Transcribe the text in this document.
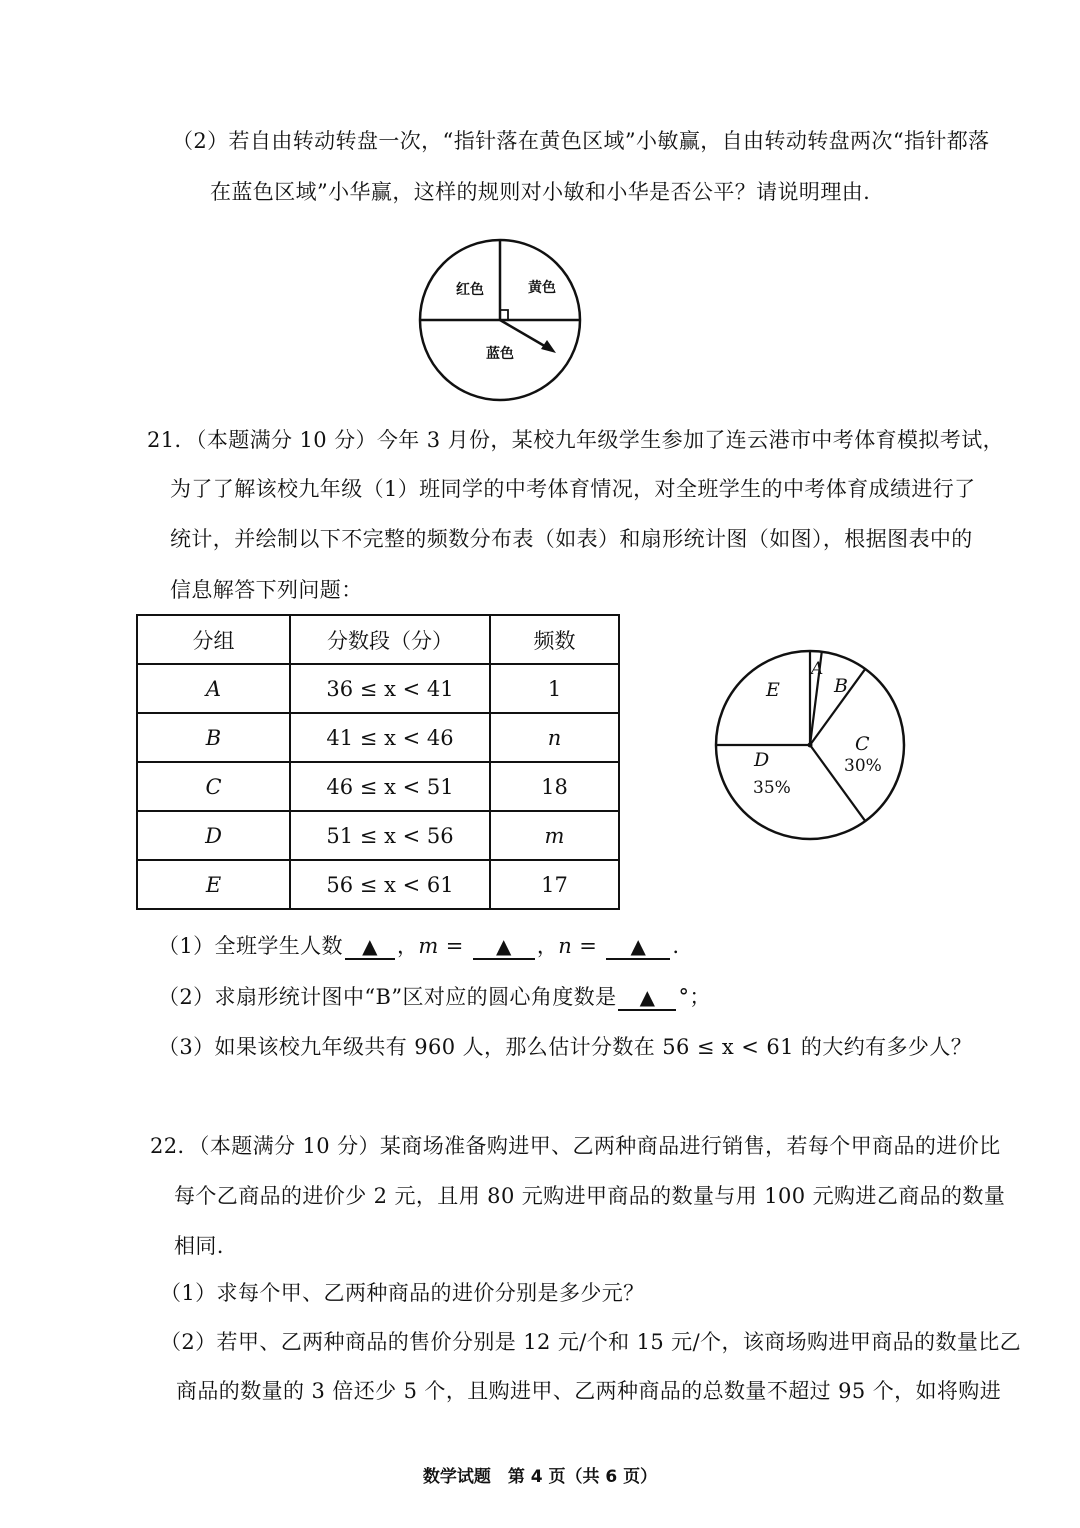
（2）若自由转动转盘一次，“指针落在黄色区域”小敏赢，自由转动转盘两次“指针都落
在蓝色区域”小华赢，这样的规则对小敏和小华是否公平？请说明理由.
红色	黄色
蓝色
21．（本题满分 10 分）今年 3 月份，某校九年级学生参加了连云港市中考体育模拟考试，
为了了解该校九年级（1）班同学的中考体育情况，对全班学生的中考体育成绩进行了
统计，并绘制以下不完整的频数分布表（如表）和扇形统计图（如图），根据图表中的
信息解答下列问题：
分组	分数段（分）	频数
A	36 ≤ x < 41	1
B	41 ≤ x < 46	n
C	46 ≤ x < 51	18
D	51 ≤ x < 56	m
E	56 ≤ x < 61	17
A
B
C
30%
D
35%
E
（1）全班学生人数 ▲ ，m = ▲ ，n = ▲ .
（2）求扇形统计图中“B”区对应的圆心角度数是 ▲ °；
（3）如果该校九年级共有 960 人，那么估计分数在 56 ≤ x < 61 的大约有多少人？
22．（本题满分 10 分）某商场准备购进甲、乙两种商品进行销售，若每个甲商品的进价比
每个乙商品的进价少 2 元，且用 80 元购进甲商品的数量与用 100 元购进乙商品的数量
相同.
（1）求每个甲、乙两种商品的进价分别是多少元？
（2）若甲、乙两种商品的售价分别是 12 元/个和 15 元/个，该商场购进甲商品的数量比乙
商品的数量的 3 倍还少 5 个，且购进甲、乙两种商品的总数量不超过 95 个，如将购进
数学试题　第 4 页（共 6 页）
